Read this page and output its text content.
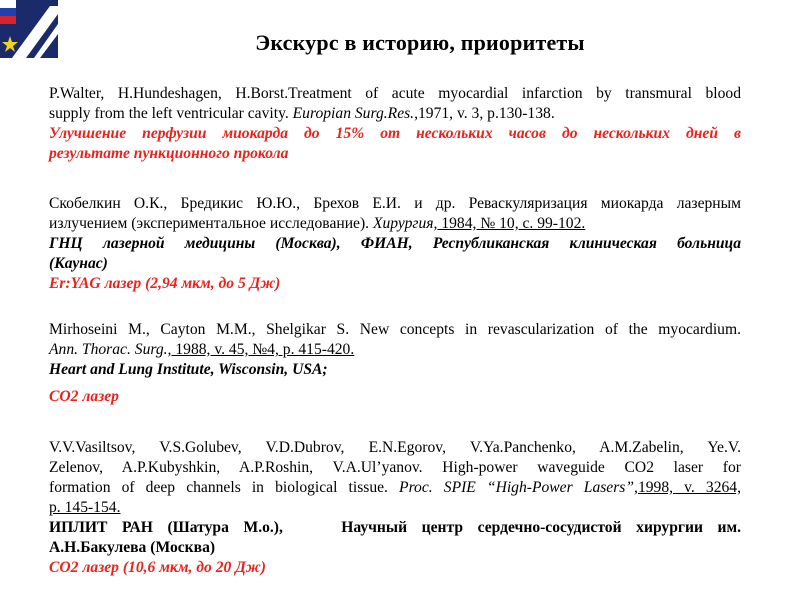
Экскурс в историю, приоритеты
P.Walter, H.Hundeshagen, H.Borst.Treatment of acute myocardial infarction by transmural blood
supply from the left ventricular cavity. Europian Surg.Res.,1971, v. 3, p.130-138.
Улучшение перфузии миокарда до 15% от нескольких часов до нескольких дней в
результате пункционного прокола
Скобелкин О.К., Бредикис Ю.Ю., Брехов Е.И. и др. Реваскуляризация миокарда лазерным
излучением (экспериментальное исследование). Хирургия, 1984, № 10, с. 99-102.
ГНЦ лазерной медицины (Москва), ФИАН, Республиканская клиническая больница
(Каунас)
Er:YAG лазер (2,94 мкм, до 5 Дж)
Mirhoseini M., Cayton M.M., Shelgikar S. New concepts in revascularization of the myocardium.
Ann. Thorac. Surg., 1988, v. 45, №4, p. 415-420.
Heart and Lung Institute, Wisconsin, USA;
CO2 лазер
V.V.Vasiltsov, V.S.Golubev, V.D.Dubrov, E.N.Egorov, V.Ya.Panchenko, A.M.Zabelin, Ye.V.
Zelenov, A.P.Kubyshkin, A.P.Roshin, V.A.Ul’yanov. High-power waveguide CO2 laser for
formation of deep channels in biological tissue. Proc. SPIE “High-Power Lasers”,1998, v. 3264,
p. 145-154.
ИПЛИТ РАН (Шатура М.о.),	Научный центр сердечно-сосудистой хирургии им.
А.Н.Бакулева (Москва)
CO2 лазер (10,6 мкм, до 20 Дж)
